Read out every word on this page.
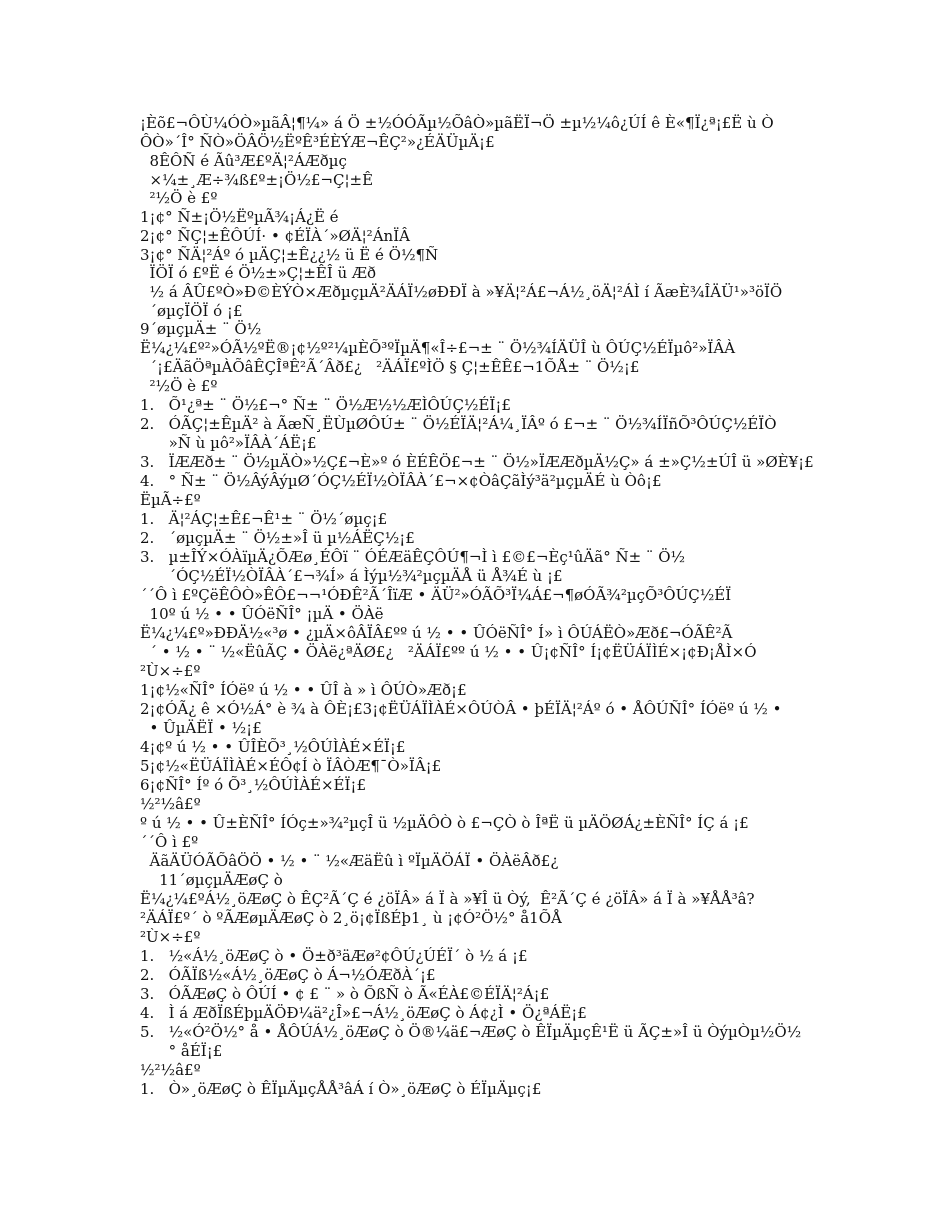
¡Èõ£¬ÔÙ¼ÓÒ»µãÂ¦¶¼» á Ö ±½ÓÓÃµ½ÕâÒ»µãËÏ¬Ö ±µ½¼ô¿ÚÍ ê È«¶Ï¿ª¡£Ë ù Ò
ÔÒ»´Î° ÑÒ»ÖÂÖ½ËºÊ³ÉÈÝÆ¬ÊÇ²»¿ÉÄÜµÄ¡£
8ÊÔÑ é Ãû³Æ£ºÄ¦²ÁÆðµç
×¼±¸Æ÷¾ß£º±¡Ö½£¬Ç¦±Ê
²½Ö è £º
1¡¢° Ñ±¡Ö½ËºµÃ¾¡Á¿Ë é
2¡¢° ÑÇ¦±ÊÔÚÍ· • ¢ÉÏÀ´»ØÄ¦²ÁnÏÂ
3¡¢° ÑÄ¦²Áº ó µÄÇ¦±Ê¿¿½ ü Ë é Ö½¶Ñ
ÏÖÏ ó £ºË é Ö½±»Ç¦±ÊÎ ü Æð
½ á ÂÛ£ºÒ»Ð©ÈÝÒ×ÆðµçµÄ²ÄÁÏ½øÐÐÏ à »¥Ä¦²Á£¬Á½¸öÄ¦²ÁÌ í ÃæÈ¾ÎÄÜ¹»³öÏÖ
´øµçÏÖÏ ó ¡£
9´øµçµÄ± ¨ Ö½
Ë¼¿¼£º²»ÓÃ½ºË®¡¢½º²¼µÈÕ³ºÏµÄ¶«Î÷£¬± ¨ Ö½¾ÍÄÜÎ ù ÔÚÇ½ÉÏµô²»ÏÂÀ
´¡£ÄãÖªµÀÕâÊÇÎªÊ²Ã´Âð£¿   ²ÄÁÏ£ºÌÖ § Ç¦±ÊÊ£¬1ÕÅ± ¨ Ö½¡£
²½Ö è £º
1.   Õ¹¿ª± ¨ Ö½£¬° Ñ± ¨ Ö½Æ½½ÆÌÔÚÇ½ÉÏ¡£
2.   ÓÃÇ¦±ÊµÄ² à ÃæÑ¸ËÙµØÔÚ± ¨ Ö½ÉÏÄ¦²Á¼¸ÏÂº ó £¬± ¨ Ö½¾ÍÏñÕ³ÔÚÇ½ÉÏÒ
»Ñ ù µô²»ÏÂÀ´ÁË¡£
3.   ÏÆÆð± ¨ Ö½µÄÒ»½Ç£¬È»º ó ÈÉÊÖ£¬± ¨ Ö½»ÏÆÆðµÄ½Ç» á ±»Ç½±ÚÎ ü »ØÈ¥¡£
4.   ° Ñ± ¨ Ö½ÂýÂýµØ´ÓÇ½ÉÏ½ÒÏÂÀ´£¬×¢ÒâÇãÌý³ä²µçµÄÉ ù Òô¡£
ËµÃ÷£º
1.   Ä¦²ÁÇ¦±Ê£¬Ê¹± ¨ Ö½´øµç¡£
2.   ´øµçµÄ± ¨ Ö½±»Î ü µ½ÁËÇ½¡£
3.   µ±ÎÝ×ÓÀïµÄ¿ÕÆø¸ÉÔï ¨ ÓÉÆäÊÇÔÚ¶¬Ì ì £©£¬Èç¹ûÄã° Ñ± ¨ Ö½
´ÓÇ½ÉÏ½ÒÏÂÀ´£¬¾Í» á Ìýµ½¾²µçµÄÅ ü Å¾É ù ¡£
´´Ô ì £ºÇëÊÔÒ»ÊÔ£¬¬¹ÓÐÊ²Ã´ÎïÆ • ÄÜ²»ÓÃÕ³Ï¼Á£¬¶øÓÃ¾²µçÕ³ÔÚÇ½ÉÏ
10º ú ½ • • ÛÓëÑÎ° ¡µÄ • ÖÀë
Ë¼¿¼£º»ÐÐÄ½«³ø • ¿µÄ×ôÂÏÂ£ºº ú ½ • • ÛÓëÑÎ° Í» ì ÔÚÁËÒ»Æð£¬ÓÃÊ²Ã
´ • ½ • ¨ ½«ËûÃÇ • ÖÀë¿ªÄØ£¿   ²ÄÁÏ£ºº ú ½ • • Û¡¢ÑÎ° Í¡¢ËÜÁÏÌÉ×¡¢Ð¡ÅÌ×Ó
²Ù×÷£º
1¡¢½«ÑÎ° ÍÓëº ú ½ • • ÛÎ à » ì ÔÚÒ»Æð¡£
2¡¢ÓÃ¿ ê ×Ó½Á° è ¾ à ÔÈ¡£3¡¢ËÜÁÏÌÀÉ×ÔÚÒÂ • þÉÏÄ¦²Áº ó • ÅÔÚÑÎ° ÍÓëº ú ½ •
• ÛµÄËÏ • ½¡£
4¡¢º ú ½ • • ÛÎÈÕ³¸½ÔÚÌÀÉ×ÉÏ¡£
5¡¢½«ËÜÁÏÌÀÉ×ÉÔ¢Í ò ÏÂÒÆ¶¯Ò»ÏÂ¡£
6¡¢ÑÎ° Íº ó Õ³¸½ÔÚÌÀÉ×ÉÏ¡£
½²½â£º
º ú ½ • • Û±ÈÑÎ° ÍÓç±»¾²µçÎ ü ½µÄÔÒ ò £¬ÇÒ ò ÎªË ü µÄÖØÁ¿±ÈÑÎ° ÍÇ á ¡£
´´Ô ì £º
ÄãÄÜÓÃÕâÖÖ • ½ • ¨ ½«ÆäËû ì ºÏµÄÖÁÏ • ÖÀëÂð£¿
11´øµçµÄÆøÇ ò
Ë¼¿¼£ºÁ½¸öÆøÇ ò ÊÇ²Ã´Ç é ¿öÏÂ» á Ï à »¥Î ü Òý,  Ê²Ã´Ç é ¿öÏÂ» á Ï à »¥ÅÅ³â?
²ÄÁÏ£º´ ò ºÃÆøµÄÆøÇ ò 2¸ö¡¢ÏßÉþ1¸ ù ¡¢Ó²Ö½° å1ÕÅ
²Ù×÷£º
1.   ½«Á½¸öÆøÇ ò • Ö±ð³äÆø²¢ÔÚ¿ÚÉÏ´ ò ½ á ¡£
2.   ÓÃÏß½«Á½¸öÆøÇ ò Á¬½ÓÆðÀ´¡£
3.   ÓÃÆøÇ ò ÔÚÍ • ¢ £ ¨ » ò ÕßÑ ò Ã«ÉÀ£©ÉÏÄ¦²Á¡£
4.   Ì á ÆðÏßÉþµÄÖÐ¼ä²¿Î»£¬Á½¸öÆøÇ ò Á¢¿Ì • Ö¿ªÁË¡£
5.   ½«Ó²Ö½° å • ÅÔÚÁ½¸öÆøÇ ò Ö®¼ä£¬ÆøÇ ò ÊÏµÄµçÊ¹Ë ü ÃÇ±»Î ü ÒýµÒµ½Ö½
° åÉÏ¡£
½²½â£º
1.   Ò»¸öÆøÇ ò ÊÏµÄµçÅÅ³âÁ í Ò»¸öÆøÇ ò ÉÏµÄµç¡£
